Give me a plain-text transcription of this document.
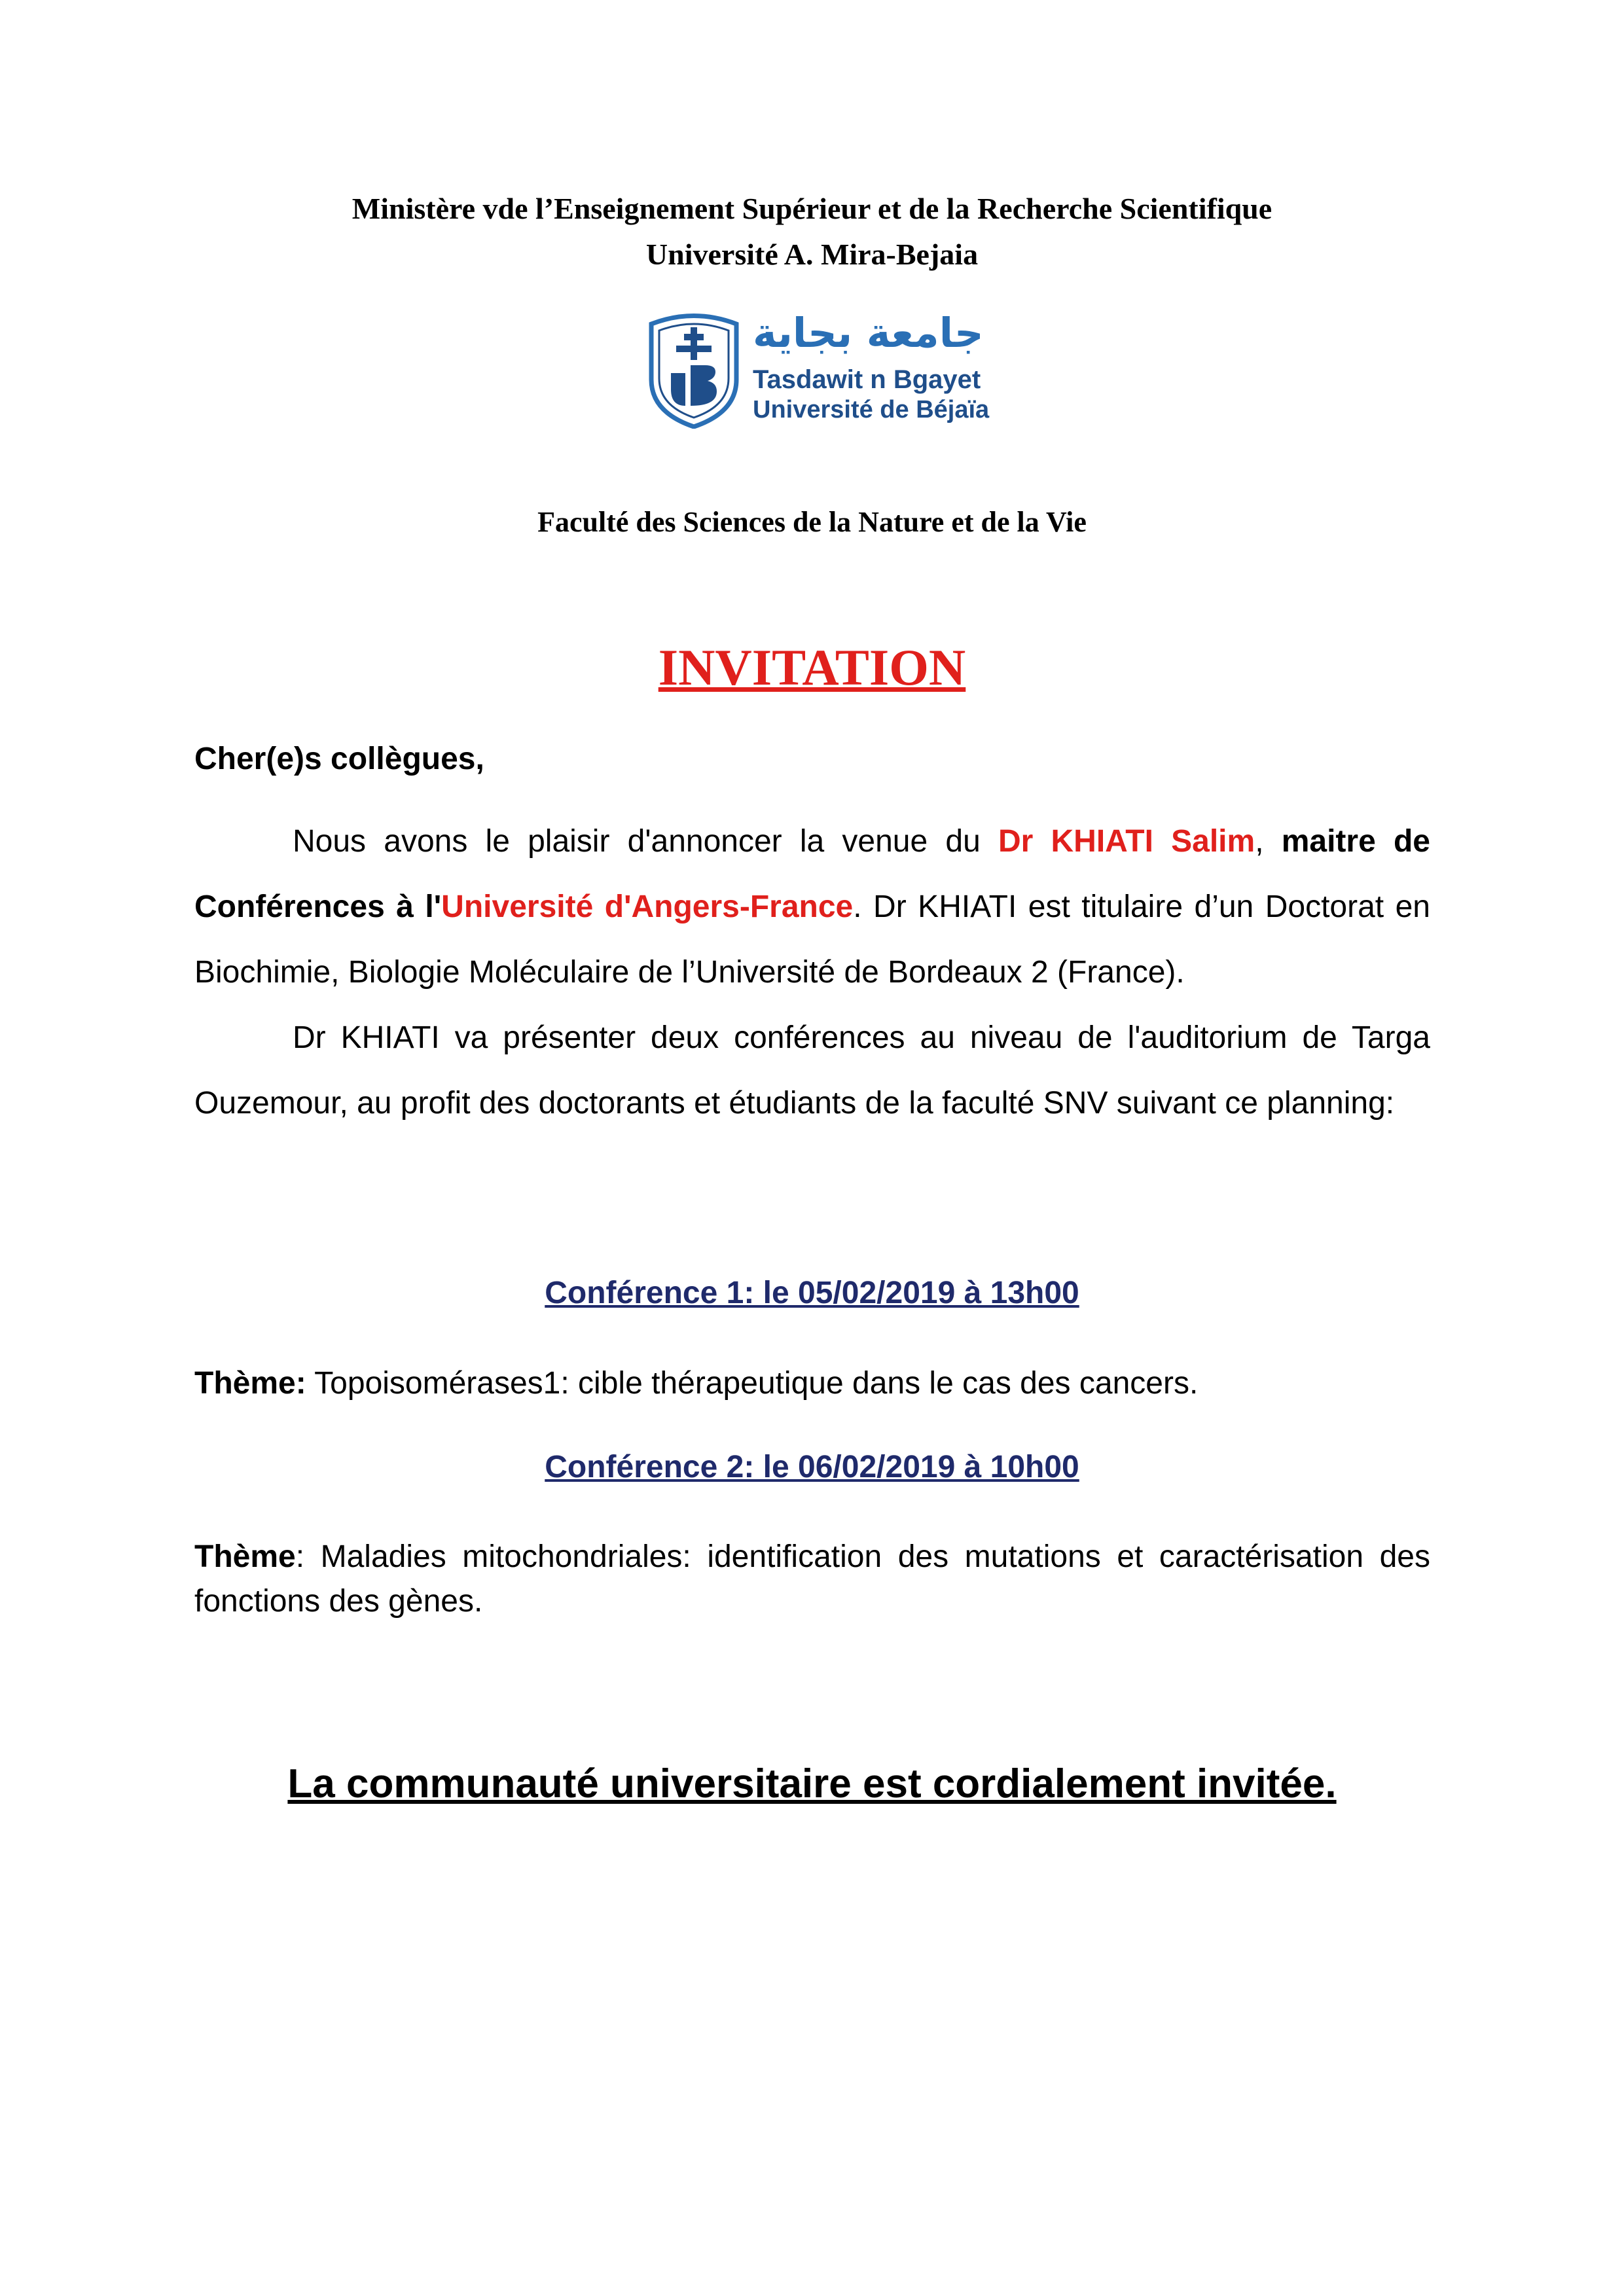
Ministère vde l’Enseignement Supérieur et de la Recherche Scientifique
Université A. Mira-Bejaia
جامعة بجاية
Tasdawit n Bgayet
Université de Béjaïa
Faculté des Sciences de la Nature et de la Vie
INVITATION
Cher(e)s collègues,
Nous avons le plaisir d'annoncer la venue du Dr KHIATI Salim, maitre de Conférences à l'Université d'Angers-France. Dr KHIATI est titulaire d’un Doctorat en Biochimie, Biologie Moléculaire de l’Université de Bordeaux 2 (France).
Dr KHIATI va présenter deux conférences au niveau de l'auditorium de Targa Ouzemour, au profit des doctorants et étudiants de la faculté SNV suivant ce planning:
Conférence 1: le 05/02/2019 à 13h00
Thème: Topoisomérases1: cible thérapeutique dans le cas des cancers.
Conférence 2: le 06/02/2019 à 10h00
Thème: Maladies mitochondriales: identification des mutations et caractérisation des fonctions des gènes.
La communauté universitaire est cordialement invitée.
